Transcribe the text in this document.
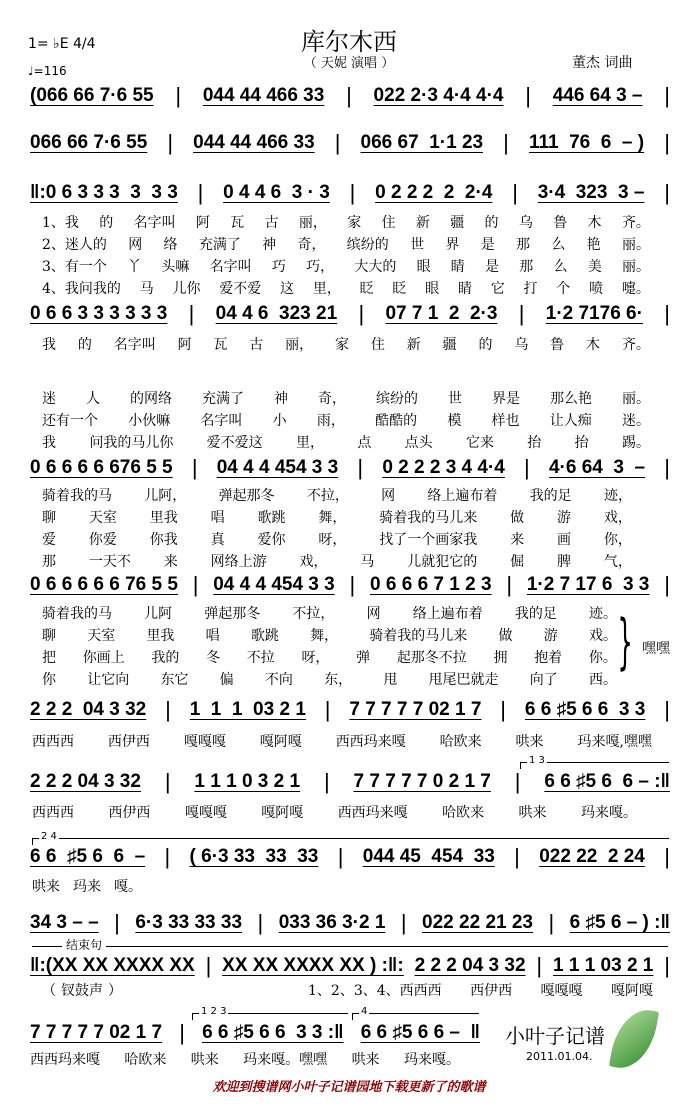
库尔木西
（ 天妮 演唱 ）	董杰 词曲
1= ♭E 4/4
♩=116
(066 66 7·6 55 | 044 44 466 33 | 022 2·3 4·4 4·4 | 446 64 3 – |
066 66 7·6 55 | 044 44 466 33 | 066 67  1·1 23 | 111  76  6  – ) |
‖:0 6 3 3 3  3  3 3 | 0 4 4 6  3 · 3 | 0 2 2 2  2  2·4 | 3·4  323  3 – |
0 6 6 3 3 3 3 3 3 | 04 4 6  323 21 | 07 7 1  2  2·3 | 1·2 7176 6· |
0 6 6 6 6 676 5 5 | 04 4 4 454 3 3 | 0 2 2 2 3 4 4·4 | 4·6 64  3  – |
0 6 6 6 6 6 76 5 5 | 04 4 4 454 3 3 | 0 6 6 6 7 1 2 3 | 1·2 7 17 6  3 3 |
2 2 2  04 3 32 | 1  1  1  03 2 1 | 7 7 7 7 7 02 1 7 | 6 6 ♯5 6 6  3 3 |
2 2 2 04 3 32 | 1 1 1 0 3 2 1 | 7 7 7 7 7 0 2 1 7 | 6 6 ♯5 6  6 – :‖
6 6  ♯5 6  6  – | ( 6·3 33  33  33 | 044 45  454  33 | 022 22  2 24 |
34 3 – – | 6·3 33 33 33 | 033 36 3·2 1 | 022 22 21 23 | 6 ♯5 6 – ) :‖
‖:(XX XX XXXX XX | XX XX XXXX XX ) :‖: 2 2 2 04 3 32 | 1 1 1 03 2 1 |
7 7 7 7 7 02 1 7 | 6 6 ♯5 6 6  3 3 :‖ 6 6 ♯5 6 6 –  ‖
1、我 的 名字叫 阿 瓦 古 丽， 家 住 新 疆 的 乌 鲁 木 齐。
2、迷人的 网 络 充满了 神 奇， 缤纷的 世 界 是 那 么 艳 丽。
3、有一个 丫 头嘛 名字叫 巧 巧， 大大的 眼 睛 是 那 么 美 丽。
4、我问我的 马 儿你 爱不爱 这 里， 眨 眨 眼 睛 它 打 个 喷 嚏。
我 的 名字叫 阿 瓦 古 丽， 家 住 新 疆 的 乌 鲁 木 齐。
迷 人 的网络 充满了 神 奇， 缤纷的 世 界是 那么艳 丽。
还有一个 小伙嘛 名字叫 小 雨， 酷酷的 模 样也 让人痴 迷。
我 问我的马儿你 爱不爱这 里， 点 点头 它来 抬 抬 踢。
骑着我的马 儿阿， 弹起那冬 不拉， 网 络上遍布着 我的足 迹，
聊 天室 里我 唱 歌跳 舞， 骑着我的马儿来 做 游 戏，
爱 你爱 你我 真 爱你 呀， 找了一个画家我 来 画 你，
那 一天不 来 网络上游 戏， 马 儿就犯它的 倔 脾 气，
骑着我的马 儿阿 弹起那冬 不拉， 网 络上遍布着 我的足 迹。
聊 天室 里我 唱 歌跳 舞， 骑着我的马儿来 做 游 戏。
把 你画上 我的 冬 不拉 呀， 弹 起那冬不拉 拥 抱着 你。
你 让它向 东它 偏 不向 东， 甩 甩尾巴就走 向了 西。
西西西 西伊西 嘎嘎嘎 嘎阿嘎 西西玛来嘎 哈欧来 哄来 玛来嘎,嘿嘿
西西西 西伊西 嘎嘎嘎 嘎阿嘎 西西玛来嘎 哈欧来 哄来 玛来嘎。
哄来 玛来 嘎。
（ 钗鼓声 ）	1、2、3、4、西西西 西伊西 嘎嘎嘎 嘎阿嘎
西西玛来嘎 哈欧来 哄来 玛来嘎。嘿嘿 哄来 玛来嘎。
} 嘿嘿
1 3
2 4
结束句
1 2 3	4
小叶子记谱
2011.01.04.
欢迎到搜谱网小叶子记谱园地下载更新了的歌谱
